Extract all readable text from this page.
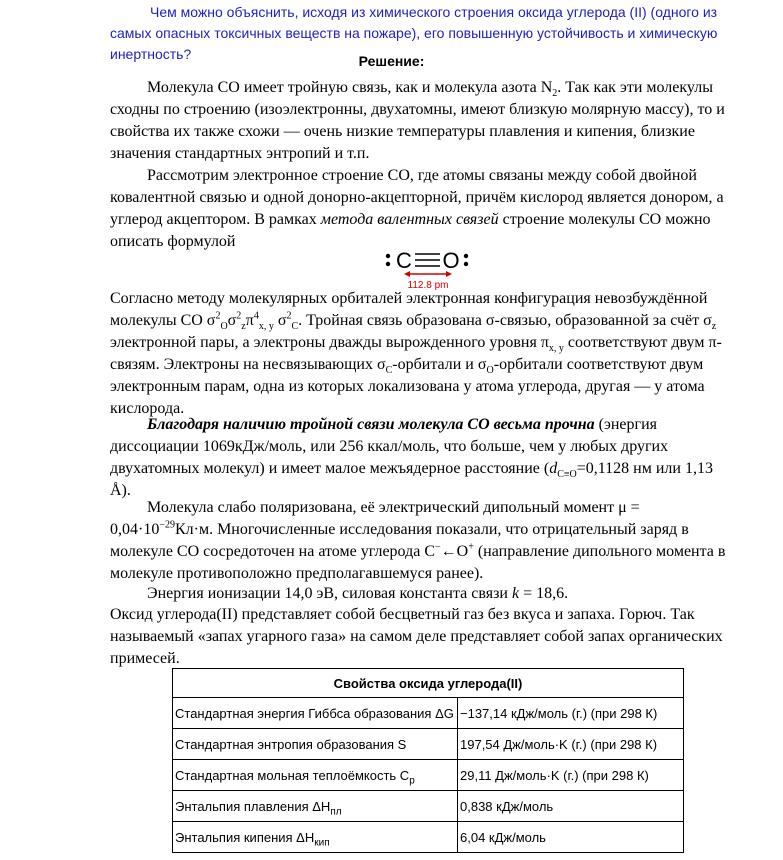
Чем можно объяснить, исходя из химического строения оксида углерода (II) (одного из самых опасных токсичных веществ на пожаре), его повышенную устойчивость и химическую инертность?	Решение:
Молекула CO имеет тройную связь, как и молекула азота $N_2$. Так как эти молекулы сходны по строению (изоэлектронны, двухатомны, имеют близкую молярную массу), то и свойства их также схожи — очень низкие температуры плавления и кипения, близкие значения стандартных энтропий и т.п.
Рассмотрим электронное строение CO, где атомы связаны между собой двойной ковалентной связью и одной донорно-акцепторной, причём кислород является донором, а углерод акцептором. В рамках метода валентных связей строение молекулы CO можно описать формулой
C O
112.8 pm
Согласно методу молекулярных орбиталей электронная конфигурация невозбуждённой молекулы CO $\sigma^2_O\sigma^2_z\pi^4_{x, y}$ $\sigma^2_C$. Тройная связь образована σ-связью, образованной за счёт $\sigma_z$ электронной пары, а электроны дважды вырожденного уровня $\pi_{x, y}$ соответствуют двум π-связям. Электроны на несвязывающих $\sigma_C$-орбитали и $\sigma_O$-орбитали соответствуют двум электронным парам, одна из которых локализована у атома углерода, другая — у атома кислорода.
Благодаря наличию тройной связи молекула CO весьма прочна (энергия диссоциации 1069кДж/моль, или 256 ккал/моль, что больше, чем у любых других двухатомных молекул) и имеет малое межъядерное расстояние ($d_{C\equiv O}=0,1128$ нм или 1,13 Å).
Молекула слабо поляризована, её электрический дипольный момент $\mu = 0,04\cdot 10^{-29}Кл\cdot м$. Многочисленные исследования показали, что отрицательный заряд в молекуле CO сосредоточен на атоме углерода C−←O+ (направление дипольного момента в молекуле противоположно предполагавшемуся ранее).
Энергия ионизации 14,0 эВ, силовая константа связи k = 18,6.
Оксид углерода(II) представляет собой бесцветный газ без вкуса и запаха. Горюч. Так называемый «запах угарного газа» на самом деле представляет собой запах органических примесей.
Свойства оксида углерода(II)	
Стандартная энергия Гиббса образования ΔG	−137,14 кДж/моль (г.) (при 298 К)
Стандартная энтропия образования S	197,54 Дж/моль·K (г.) (при 298 К)
Стандартная мольная теплоёмкость $C_p$	29,11 Дж/моль·K (г.) (при 298 К)
Энтальпия плавления $\Delta H_{пл}$	0,838 кДж/моль
Энтальпия кипения $\Delta H_{кип}$	6,04 кДж/моль
